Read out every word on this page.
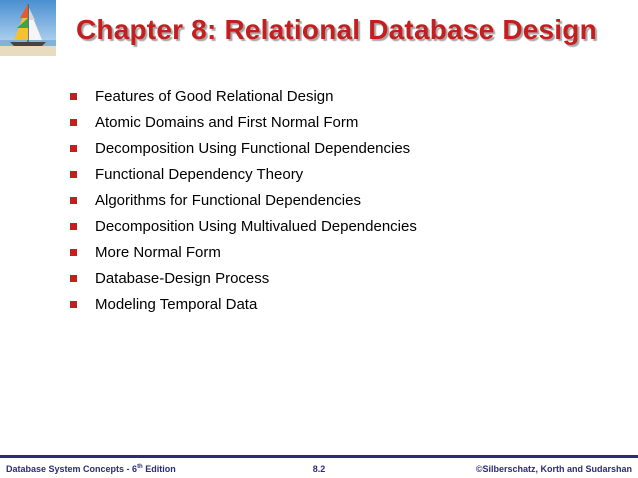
Chapter 8: Relational Database Design
Features of Good Relational Design
Atomic Domains and First Normal Form
Decomposition Using Functional Dependencies
Functional Dependency Theory
Algorithms for Functional Dependencies
Decomposition Using Multivalued Dependencies
More Normal Form
Database-Design Process
Modeling Temporal Data
Database System Concepts - 6th Edition	8.2	©Silberschatz, Korth and Sudarshan
